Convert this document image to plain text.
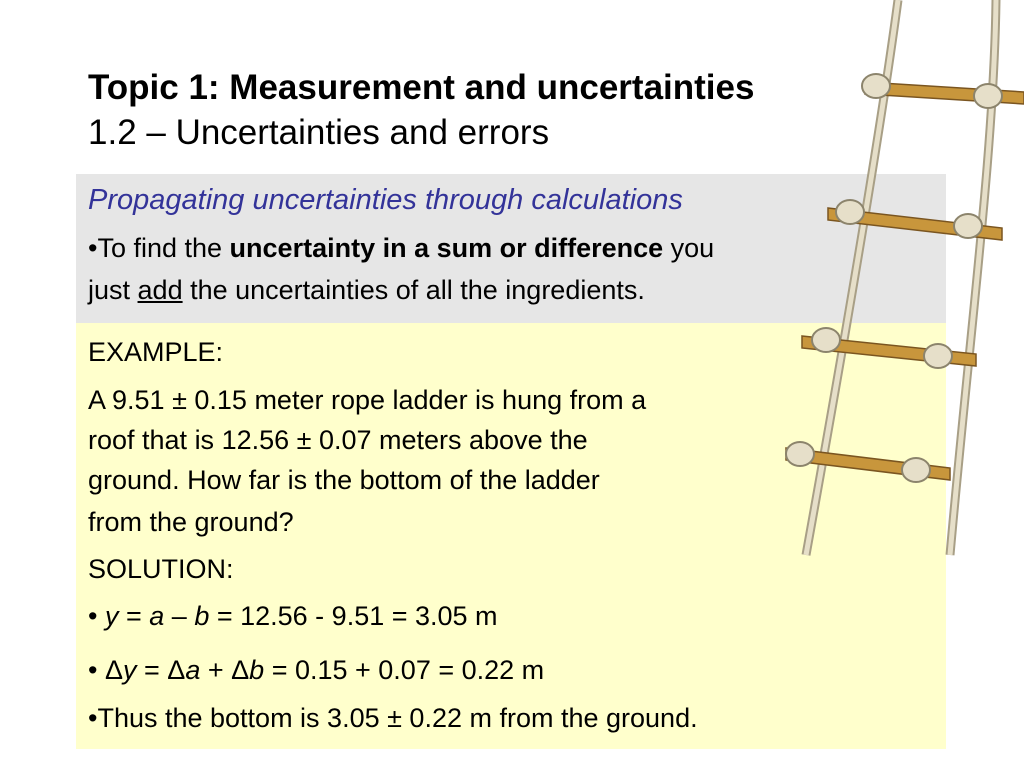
Topic 1: Measurement and uncertainties
1.2 – Uncertainties and errors
Propagating uncertainties through calculations
•To find the uncertainty in a sum or difference you
just add the uncertainties of all the ingredients.
EXAMPLE:
A 9.51 ± 0.15 meter rope ladder is hung from a
roof that is 12.56 ± 0.07 meters above the
ground. How far is the bottom of the ladder
from the ground?
SOLUTION:
• y = a – b = 12.56 - 9.51 = 3.05 m
• Δy = Δa + Δb = 0.15 + 0.07 = 0.22 m
•Thus the bottom is 3.05 ± 0.22 m from the ground.
